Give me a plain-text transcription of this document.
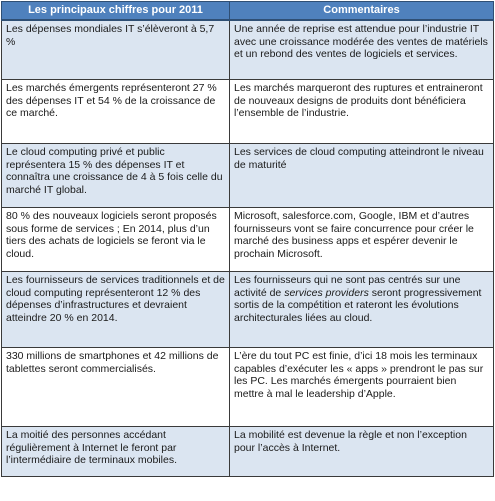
Les principaux chiffres pour 2011	Commentaires
Les dépenses mondiales IT s’élèveront à 5,7 %	Une année de reprise est attendue pour l’industrie IT avec une croissance modérée des ventes de matériels et un rebond des ventes de logiciels et services.
Les marchés émergents représenteront 27 % des dépenses IT et 54 % de la croissance de ce marché.	Les marchés marqueront des ruptures et entraineront de nouveaux designs de produits dont bénéficiera l’ensemble de l’industrie.
Le cloud computing privé et public représentera 15 % des dépenses IT et connaîtra une croissance de 4 à 5 fois celle du marché IT global.	Les services de cloud computing atteindront le niveau de maturité
80 % des nouveaux logiciels seront proposés sous forme de services ; En 2014, plus d’un tiers des achats de logiciels se feront via le cloud.	Microsoft, salesforce.com, Google, IBM et d’autres fournisseurs vont se faire concurrence pour créer le marché des business apps et espérer devenir le prochain Microsoft.
Les fournisseurs de services traditionnels et de cloud computing représenteront 12 % des dépenses d’infrastructures et devraient atteindre 20 % en 2014.	Les fournisseurs qui ne sont pas centrés sur une activité de services providers seront progressivement sortis de la compétition et rateront les évolutions architecturales liées au cloud.
330 millions de smartphones et 42 millions de tablettes seront commercialisés.	L’ère du tout PC est finie, d’ici 18 mois les terminaux capables d’exécuter les « apps » prendront le pas sur les PC. Les marchés émergents pourraient bien mettre à mal le leadership d’Apple.
La moitié des personnes accédant régulièrement à Internet le feront par l’intermédiaire de terminaux mobiles.	La mobilité est devenue la règle et non l’exception pour l’accès à Internet.
